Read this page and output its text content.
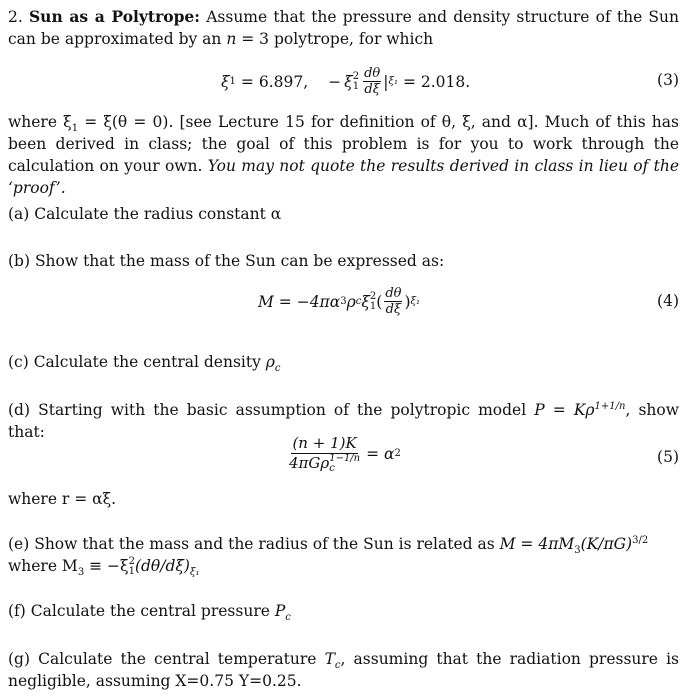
2. Sun as a Polytrope: Assume that the pressure and density structure of the Sun can be approximated by an n = 3 polytrope, for which
ξ 1 = 6.897, − ξ 2
$1 \frac{d\theta}{d\xi}$ | ξ₁ = 2.018.	(3)
where $\xi_1 = \xi(\theta = 0)$. [see Lecture 15 for definition of θ, ξ, and α]. Much of this has been derived in class; the goal of this problem is for you to work through the calculation on your own. You may not quote the results derived in class in lieu of the ‘proof’.
(a) Calculate the radius constant α
(b) Show that the mass of the Sun can be expressed as:
M = −4πα 3 ρ c ξ 2
1 ( $\frac{d\theta}{d\xi}$ ) ξ₁	(4)
(c) Calculate the central density $\rho_c$
(d) Starting with the basic assumption of the polytropic model $P = K\rho^{1+1/n}$, show that:
(n + 1)K
4πGρ 1−1/n
c = α 2	(5)
where r = αξ.
(e) Show that the mass and the radius of the Sun is related as $M = 4\pi M_3(K/\pi G)^{3/2}$
where $M_3 \equiv -\xi$ 2
1 $(d\theta/d\xi)_{\xi_1}$
(f) Calculate the central pressure $P_c$
(g) Calculate the central temperature $T_c$, assuming that the radiation pressure is negligible, assuming X=0.75 Y=0.25.
